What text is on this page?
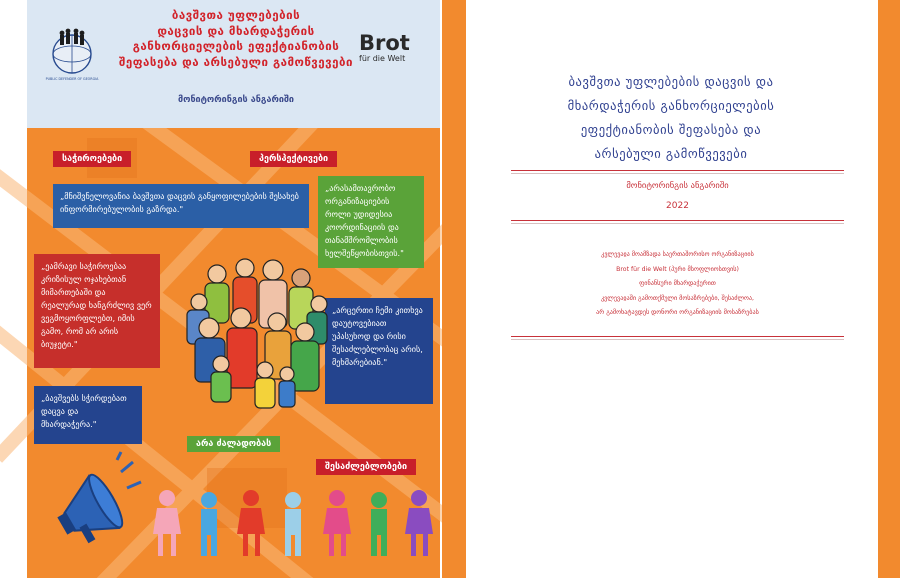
PUBLIC DEFENDER OF GEORGIA
ბავშვთა უფლებების
დაცვის და მხარდაჭერის
განხორციელების ეფექტიანობის
შეფასება და არსებული გამოწვევები
Brot
für die Welt
მონიტორინგის ანგარიში
საჭიროებები	პერსპექტივები
„მნიშვნელოვანია ბავშვთა დაცვის განყოფილებების შესახებ ინფორმირებულობის გაზრდა."
„არასამთავრობო ორგანიზაციების როლი უდიდესია კოორდინაციის და თანამშრომლობის ხელშეწყობისთვის."
„ეამრავი საჭიროებაა კრიზისულ ოჯახებთან მიმართებაში და რეალურად ხანგრძლივ ვერ ვეგმოყორფლებთ, იმის გამო, რომ არ არის ბიუჯეტი."
„არცერთი ჩემი კითხვა დაუტოვებიათ უპასუხოდ და რისი შესაძლებლობაც არის, მეხმარებიან."
„ბავშვებს სჭირდებათ დაცვა და მხარდაჭერა."
არა ძალადობას
შესაძლებლობები
ბავშვთა უფლებების დაცვის და
მხარდაჭერის განხორციელების
ეფექტიანობის შეფასება და
არსებული გამოწვევები
მონიტორინგის ანგარიში
2022
კვლევაჲა მოამზადა საერთაშორისო ორგანიზაციის
Brot für die Welt (პური მსოფლიოსთვის)
ფინანსური მხარდაჭერით
კვლევაჲაში გამოთქმული მოსაზრებები, შესაძლოა,
არ გამოხატავდეს დონორი ორგანიზაციის მოსაზრებას
